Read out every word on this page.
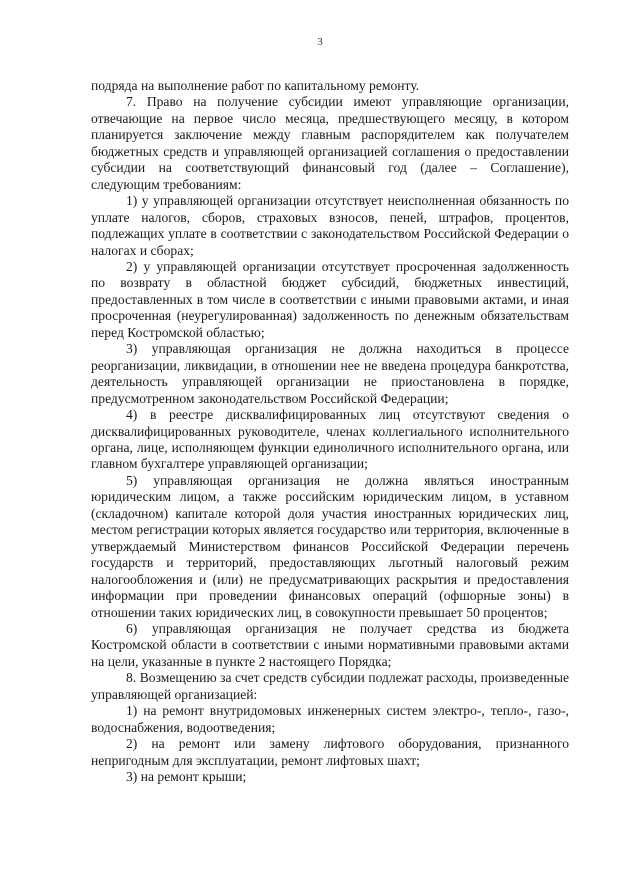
3

подряда на выполнение работ по капитальному ремонту.

7. Право на получение субсидии имеют управляющие организации, отвечающие на первое число месяца, предшествующего месяцу, в котором планируется заключение между главным распорядителем как получателем бюджетных средств и управляющей организацией соглашения о предоставлении субсидии на соответствующий финансовый год (далее – Соглашение), следующим требованиям:

1) у управляющей организации отсутствует неисполненная обязанность по уплате налогов, сборов, страховых взносов, пеней, штрафов, процентов, подлежащих уплате в соответствии с законодательством Российской Федерации о налогах и сборах;

2) у управляющей организации отсутствует просроченная задолженность по возврату в областной бюджет субсидий, бюджетных инвестиций, предоставленных в том числе в соответствии с иными правовыми актами, и иная просроченная (неурегулированная) задолженность по денежным обязательствам перед Костромской областью;

3) управляющая организация не должна находиться в процессе реорганизации, ликвидации, в отношении нее не введена процедура банкротства, деятельность управляющей организации не приостановлена в порядке, предусмотренном законодательством Российской Федерации;

4) в реестре дисквалифицированных лиц отсутствуют сведения о дисквалифицированных руководителе, членах коллегиального исполнительного органа, лице, исполняющем функции единоличного исполнительного органа, или главном бухгалтере управляющей организации;

5) управляющая организация не должна являться иностранным юридическим лицом, а также российским юридическим лицом, в уставном (складочном) капитале которой доля участия иностранных юридических лиц, местом регистрации которых является государство или территория, включенные в утверждаемый Министерством финансов Российской Федерации перечень государств и территорий, предоставляющих льготный налоговый режим налогообложения и (или) не предусматривающих раскрытия и предоставления информации при проведении финансовых операций (офшорные зоны) в отношении таких юридических лиц, в совокупности превышает 50 процентов;

6) управляющая организация не получает средства из бюджета Костромской области в соответствии с иными нормативными правовыми актами на цели, указанные в пункте 2 настоящего Порядка;

8. Возмещению за счет средств субсидии подлежат расходы, произведенные управляющей организацией:

1) на ремонт внутридомовых инженерных систем электро-, тепло-, газо-, водоснабжения, водоотведения;

2) на ремонт или замену лифтового оборудования, признанного непригодным для эксплуатации, ремонт лифтовых шахт;

3) на ремонт крыши;
